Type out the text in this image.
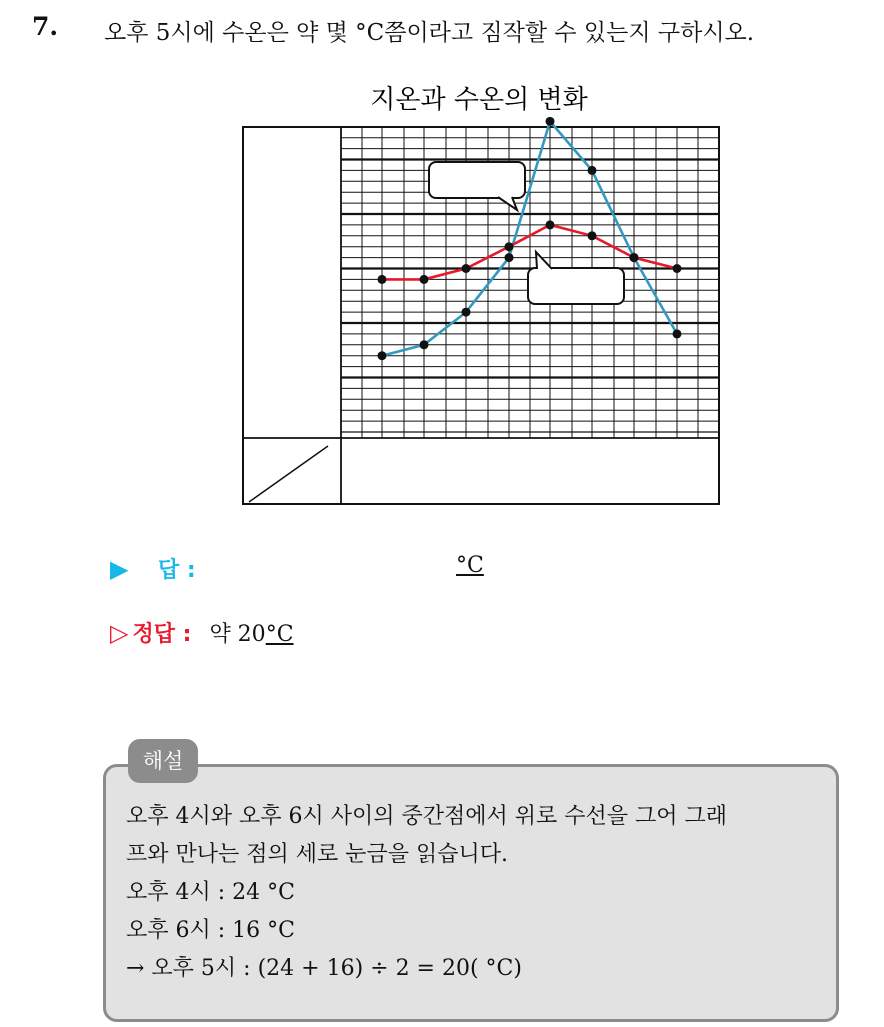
7. 오후 5시에 수온은 약 몇 °C쯤이라고 짐작할 수 있는지 구하시오.
지온과 수온의 변화
▶ 답 :	°C
▷ 정답 : 약 20°C
해설
오후 4시와 오후 6시 사이의 중간점에서 위로 수선을 그어 그래
프와 만나는 점의 세로 눈금을 읽습니다.
오후 4시 : 24 °C
오후 6시 : 16 °C
→ 오후 5시 : (24 + 16) ÷ 2 = 20( °C)
